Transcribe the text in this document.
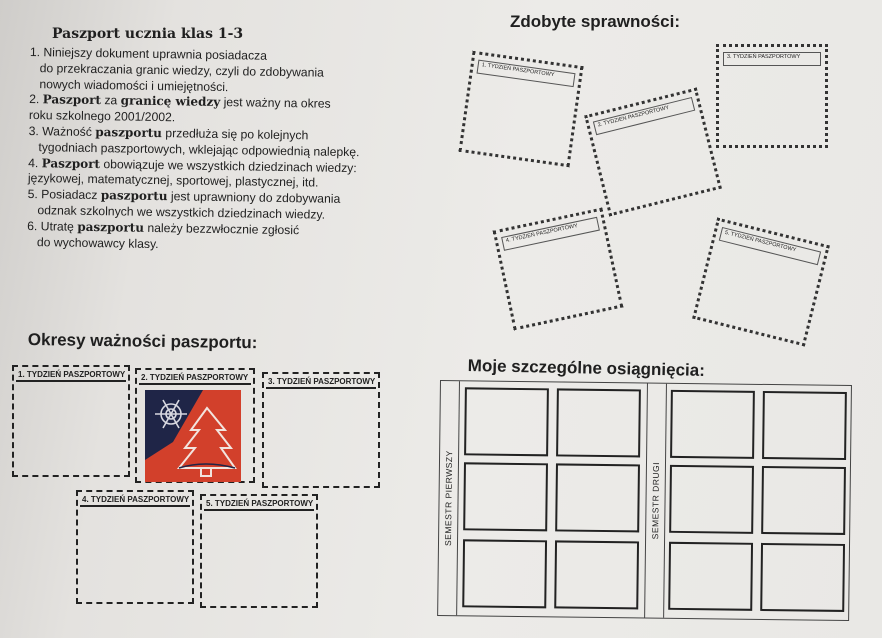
Paszport ucznia klas 1-3
1. Niniejszy dokument uprawnia posiadacza
do przekraczania granic wiedzy, czyli do zdobywania
nowych wiadomości i umiejętności.
2. Paszport za granicę wiedzy jest ważny na okres
roku szkolnego 2001/2002.
3. Ważność paszportu przedłuża się po kolejnych
tygodniach paszportowych, wklejając odpowiednią nalepkę.
4. Paszport obowiązuje we wszystkich dziedzinach wiedzy:
językowej, matematycznej, sportowej, plastycznej, itd.
5. Posiadacz paszportu jest uprawniony do zdobywania
odznak szkolnych we wszystkich dziedzinach wiedzy.
6. Utratę paszportu należy bezzwłocznie zgłosić
do wychowawcy klasy.
Zdobyte sprawności:
1. TYDZIEŃ PASZPORTOWY
2. TYDZIEŃ PASZPORTOWY
3. TYDZIEŃ PASZPORTOWY
4. TYDZIEŃ PASZPORTOWY	5. TYDZIEŃ PASZPORTOWY
Okresy ważności paszportu:
1. TYDZIEŃ PASZPORTOWY 2. TYDZIEŃ PASZPORTOWY	3. TYDZIEŃ PASZPORTOWY
4. TYDZIEŃ PASZPORTOWY 5. TYDZIEŃ PASZPORTOWY
Moje szczególne osiągnięcia:
SEMESTR PIERWSZY	SEMESTR DRUGI
